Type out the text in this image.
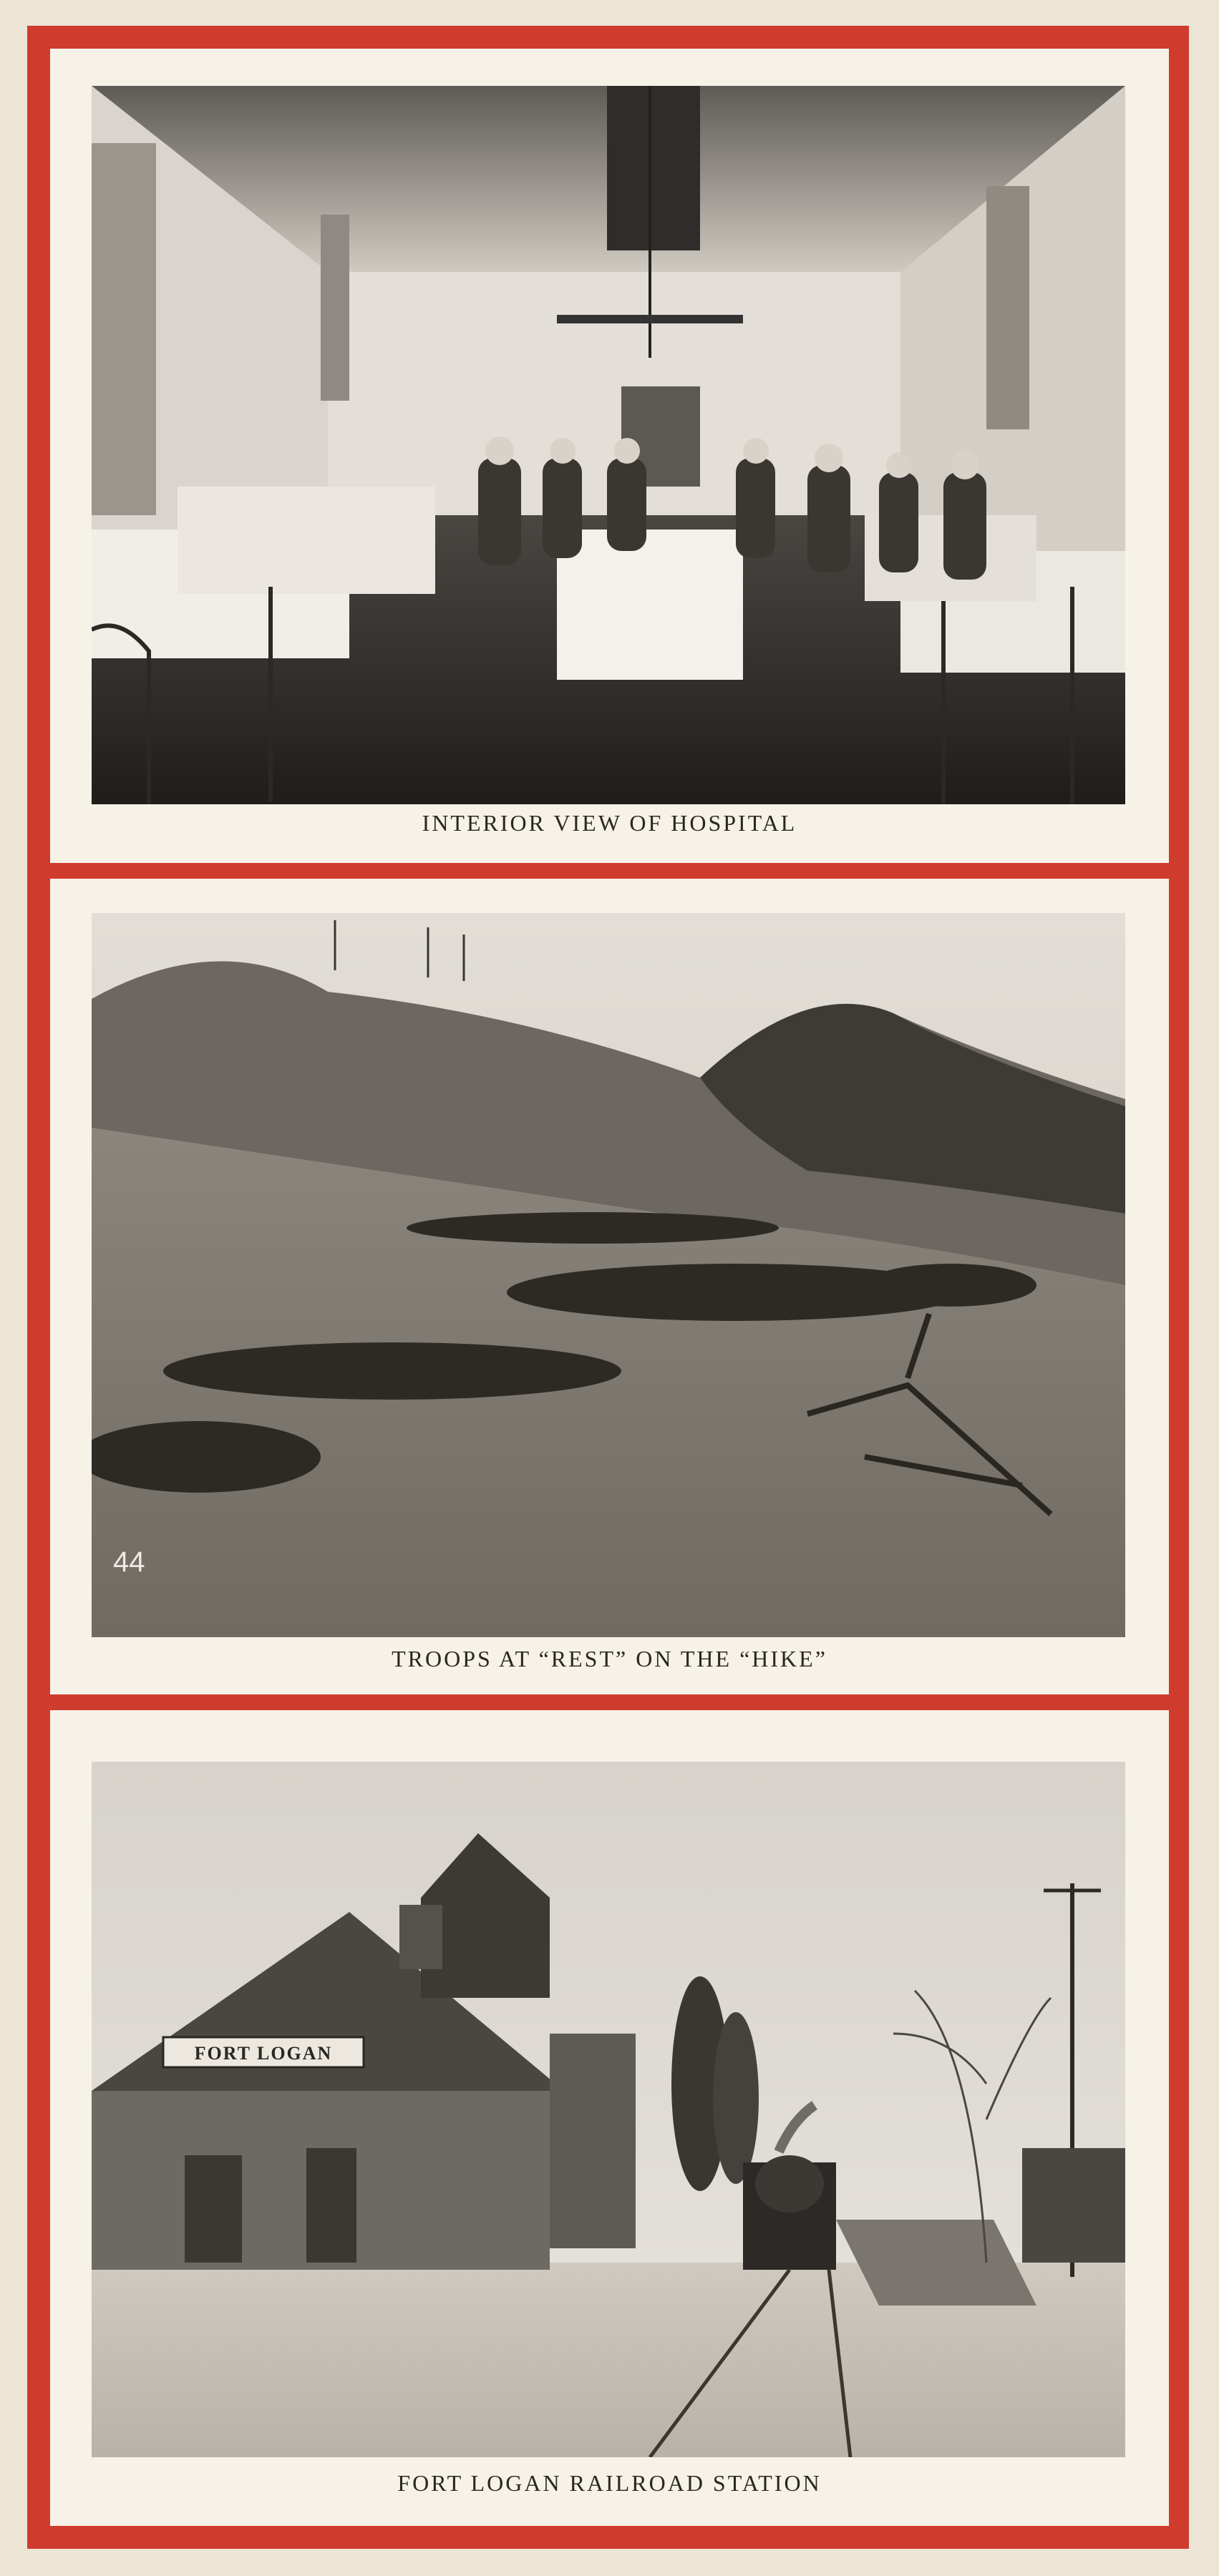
INTERIOR VIEW OF HOSPITAL
44
TROOPS AT “REST” ON THE “HIKE”
FORT LOGAN
FORT LOGAN RAILROAD STATION
